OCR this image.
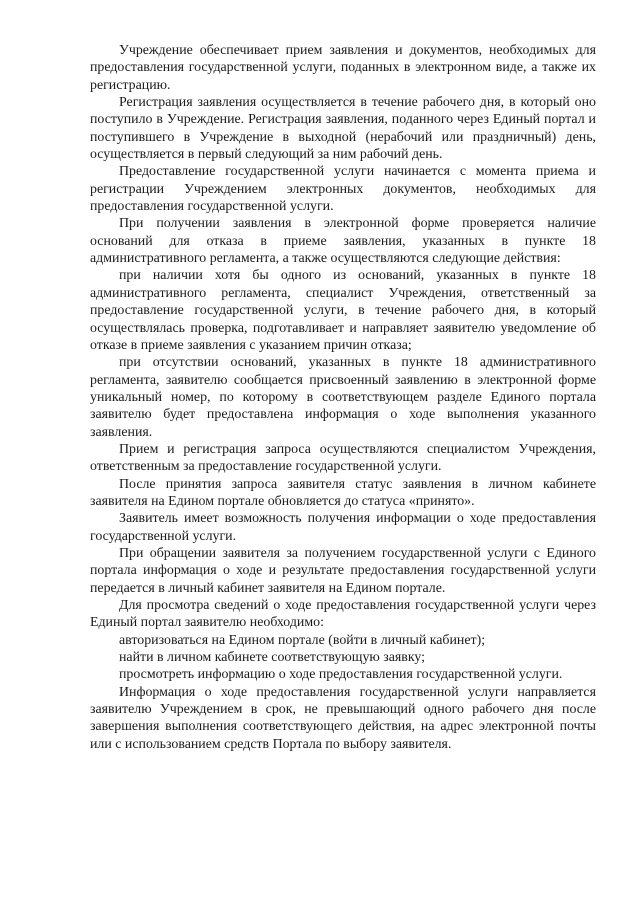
Учреждение обеспечивает прием заявления и документов, необходимых для предоставления государственной услуги, поданных в электронном виде, а также их регистрацию.

Регистрация заявления осуществляется в течение рабочего дня, в который оно поступило в Учреждение. Регистрация заявления, поданного через Единый портал и поступившего в Учреждение в выходной (нерабочий или праздничный) день, осуществляется в первый следующий за ним рабочий день.

Предоставление государственной услуги начинается с момента приема и регистрации Учреждением электронных документов, необходимых для предоставления государственной услуги.

При получении заявления в электронной форме проверяется наличие оснований для отказа в приеме заявления, указанных в пункте 18 административного регламента, а также осуществляются следующие действия:

при наличии хотя бы одного из оснований, указанных в пункте 18 административного регламента, специалист Учреждения, ответственный за предоставление государственной услуги, в течение рабочего дня, в который осуществлялась проверка, подготавливает и направляет заявителю уведомление об отказе в приеме заявления с указанием причин отказа;

при отсутствии оснований, указанных в пункте 18 административного регламента, заявителю сообщается присвоенный заявлению в электронной форме уникальный номер, по которому в соответствующем разделе Единого портала заявителю будет предоставлена информация о ходе выполнения указанного заявления.

Прием и регистрация запроса осуществляются специалистом Учреждения, ответственным за предоставление государственной услуги.

После принятия запроса заявителя статус заявления в личном кабинете заявителя на Едином портале обновляется до статуса «принято».

Заявитель имеет возможность получения информации о ходе предоставления государственной услуги.

При обращении заявителя за получением государственной услуги с Единого портала информация о ходе и результате предоставления государственной услуги передается в личный кабинет заявителя на Едином портале.

Для просмотра сведений о ходе предоставления государственной услуги через Единый портал заявителю необходимо:

авторизоваться на Едином портале (войти в личный кабинет);

найти в личном кабинете соответствующую заявку;

просмотреть информацию о ходе предоставления государственной услуги.

Информация о ходе предоставления государственной услуги направляется заявителю Учреждением в срок, не превышающий одного рабочего дня после завершения выполнения соответствующего действия, на адрес электронной почты или с использованием средств Портала по выбору заявителя.
